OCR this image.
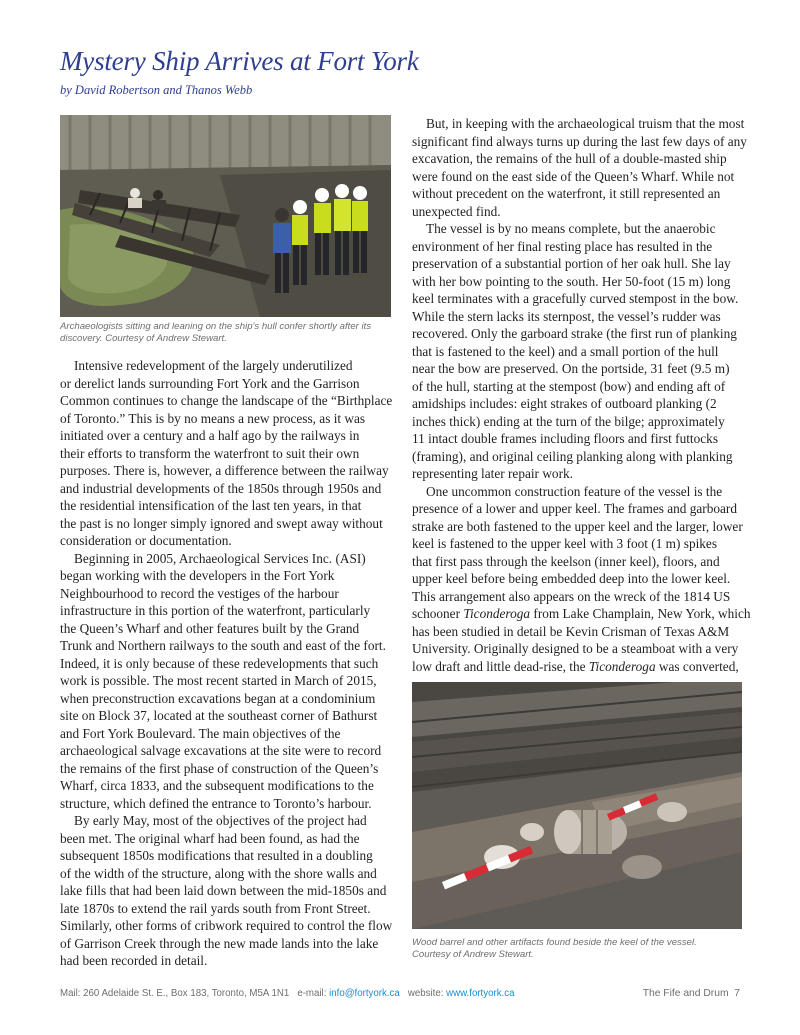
Mystery Ship Arrives at Fort York
by David Robertson and Thanos Webb
Archaeologists sitting and leaning on the ship's hull confer shortly after its
discovery. Courtesy of Andrew Stewart.

Intensive redevelopment of the largely underutilized
or derelict lands surrounding Fort York and the Garrison
Common continues to change the landscape of the “Birthplace
of Toronto.” This is by no means a new process, as it was
initiated over a century and a half ago by the railways in
their efforts to transform the waterfront to suit their own
purposes. There is, however, a difference between the railway
and industrial developments of the 1850s through 1950s and
the residential intensification of the last ten years, in that
the past is no longer simply ignored and swept away without
consideration or documentation.

Beginning in 2005, Archaeological Services Inc. (ASI)
began working with the developers in the Fort York
Neighbourhood to record the vestiges of the harbour
infrastructure in this portion of the waterfront, particularly
the Queen’s Wharf and other features built by the Grand
Trunk and Northern railways to the south and east of the fort.
Indeed, it is only because of these redevelopments that such
work is possible. The most recent started in March of 2015,
when preconstruction excavations began at a condominium
site on Block 37, located at the southeast corner of Bathurst
and Fort York Boulevard. The main objectives of the
archaeological salvage excavations at the site were to record
the remains of the first phase of construction of the Queen’s
Wharf, circa 1833, and the subsequent modifications to the
structure, which defined the entrance to Toronto’s harbour.

By early May, most of the objectives of the project had
been met. The original wharf had been found, as had the
subsequent 1850s modifications that resulted in a doubling
of the width of the structure, along with the shore walls and
lake fills that had been laid down between the mid-1850s and
late 1870s to extend the rail yards south from Front Street.
Similarly, other forms of cribwork required to control the flow
of Garrison Creek through the new made lands into the lake
had been recorded in detail.

But, in keeping with the archaeological truism that the most
significant find always turns up during the last few days of any
excavation, the remains of the hull of a double-masted ship
were found on the east side of the Queen’s Wharf. While not
without precedent on the waterfront, it still represented an
unexpected find.

The vessel is by no means complete, but the anaerobic
environment of her final resting place has resulted in the
preservation of a substantial portion of her oak hull. She lay
with her bow pointing to the south. Her 50-foot (15 m) long
keel terminates with a gracefully curved stempost in the bow.
While the stern lacks its sternpost, the vessel’s rudder was
recovered. Only the garboard strake (the first run of planking
that is fastened to the keel) and a small portion of the hull
near the bow are preserved. On the portside, 31 feet (9.5 m)
of the hull, starting at the stempost (bow) and ending aft of
amidships includes: eight strakes of outboard planking (2
inches thick) ending at the turn of the bilge; approximately
11 intact double frames including floors and first futtocks
(framing), and original ceiling planking along with planking
representing later repair work.

One uncommon construction feature of the vessel is the
presence of a lower and upper keel. The frames and garboard
strake are both fastened to the upper keel and the larger, lower
keel is fastened to the upper keel with 3 foot (1 m) spikes
that first pass through the keelson (inner keel), floors, and
upper keel before being embedded deep into the lower keel.
This arrangement also appears on the wreck of the 1814 US
schooner Ticonderoga from Lake Champlain, New York, which
has been studied in detail be Kevin Crisman of Texas A&M
University. Originally designed to be a steamboat with a very
low draft and little dead-rise, the Ticonderoga was converted,

Wood barrel and other artifacts found beside the keel of the vessel.
Courtesy of Andrew Stewart.
Mail: 260 Adelaide St. E., Box 183, Toronto, M5A 1N1 e-mail: info@fortyork.ca website: www.fortyork.ca	The Fife and Drum 7
